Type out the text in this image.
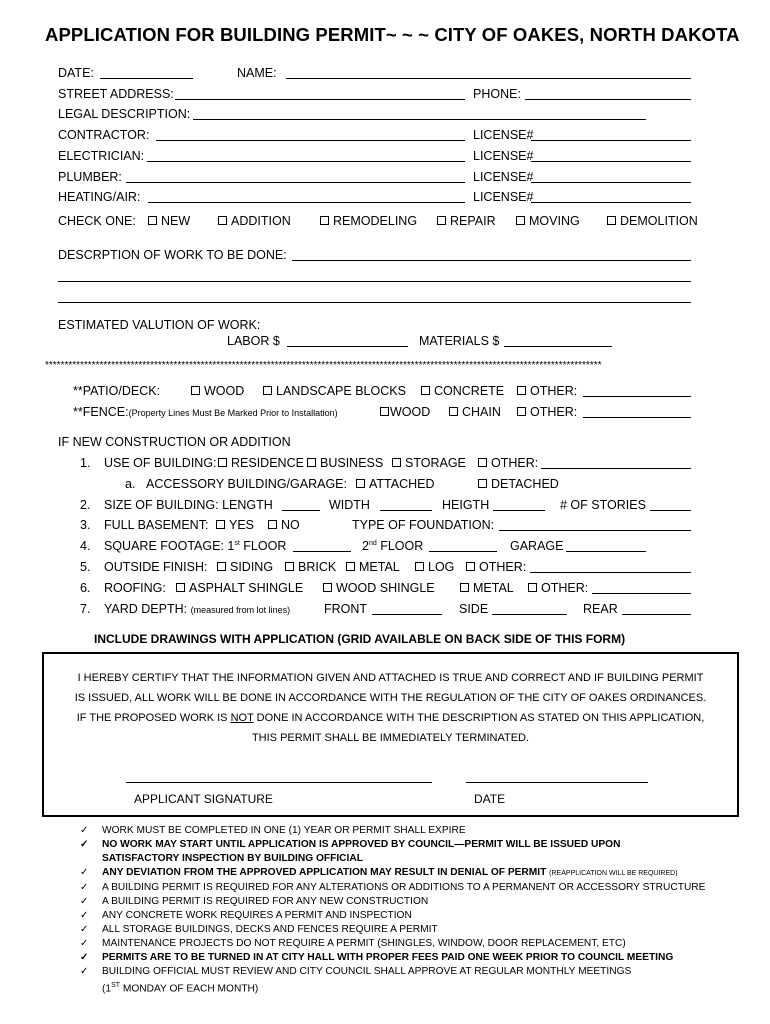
APPLICATION FOR BUILDING PERMIT~ ~ ~ CITY OF OAKES, NORTH DAKOTA
DATE:	NAME:
STREET ADDRESS:	PHONE:
LEGAL DESCRIPTION:
CONTRACTOR:	LICENSE#
ELECTRICIAN:	LICENSE#
PLUMBER:	LICENSE#
HEATING/AIR:	LICENSE#
CHECK ONE:	NEW	ADDITION	REMODELING	REPAIR	MOVING	DEMOLITION
DESCRPTION OF WORK TO BE DONE:
ESTIMATED VALUTION OF WORK:
LABOR $	MATERIALS $
***********************************************************************************************************************************************
**PATIO/DECK:	WOOD	LANDSCAPE BLOCKS	CONCRETE	OTHER:
**FENCE:(Property Lines Must Be Marked Prior to Installation)	WOOD	CHAIN	OTHER:
IF NEW CONSTRUCTION OR ADDITION
1. USE OF BUILDING:	RESIDENCE	BUSINESS	STORAGE	OTHER:
a. ACCESSORY BUILDING/GARAGE:	ATTACHED	DETACHED
2. SIZE OF BUILDING: LENGTH	WIDTH	HEIGTH	# OF STORIES
3. FULL BASEMENT:	YES	NO	TYPE OF FOUNDATION:
4. SQUARE FOOTAGE: 1st FLOOR	2nd FLOOR	GARAGE
5. OUTSIDE FINISH:	SIDING	BRICK	METAL	LOG	OTHER:
6. ROOFING:	ASPHALT SHINGLE	WOOD SHINGLE	METAL	OTHER:
7. YARD DEPTH: (measured from lot lines)	FRONT	SIDE	REAR
INCLUDE DRAWINGS WITH APPLICATION (GRID AVAILABLE ON BACK SIDE OF THIS FORM)
I HEREBY CERTIFY THAT THE INFORMATION GIVEN AND ATTACHED IS TRUE AND CORRECT AND IF BUILDING PERMIT
IS ISSUED, ALL WORK WILL BE DONE IN ACCORDANCE WITH THE REGULATION OF THE CITY OF OAKES ORDINANCES.
IF THE PROPOSED WORK IS NOT DONE IN ACCORDANCE WITH THE DESCRIPTION AS STATED ON THIS APPLICATION,
THIS PERMIT SHALL BE IMMEDIATELY TERMINATED.
APPLICANT SIGNATURE	DATE
✓ WORK MUST BE COMPLETED IN ONE (1) YEAR OR PERMIT SHALL EXPIRE
✓ NO WORK MAY START UNTIL APPLICATION IS APPROVED BY COUNCIL—PERMIT WILL BE ISSUED UPON SATISFACTORY INSPECTION BY BUILDING OFFICIAL
✓ ANY DEVIATION FROM THE APPROVED APPLICATION MAY RESULT IN DENIAL OF PERMIT (REAPPLICATION WILL BE REQUIRED)
✓ A BUILDING PERMIT IS REQUIRED FOR ANY ALTERATIONS OR ADDITIONS TO A PERMANENT OR ACCESSORY STRUCTURE
✓ A BUILDING PERMIT IS REQUIRED FOR ANY NEW CONSTRUCTION
✓ ANY CONCRETE WORK REQUIRES A PERMIT AND INSPECTION
✓ ALL STORAGE BUILDINGS, DECKS AND FENCES REQUIRE A PERMIT
✓ MAINTENANCE PROJECTS DO NOT REQUIRE A PERMIT (SHINGLES, WINDOW, DOOR REPLACEMENT, ETC)
✓ PERMITS ARE TO BE TURNED IN AT CITY HALL WITH PROPER FEES PAID ONE WEEK PRIOR TO COUNCIL MEETING
✓ BUILDING OFFICIAL MUST REVIEW AND CITY COUNCIL SHALL APPROVE AT REGULAR MONTHLY MEETINGS
(1ST MONDAY OF EACH MONTH)
